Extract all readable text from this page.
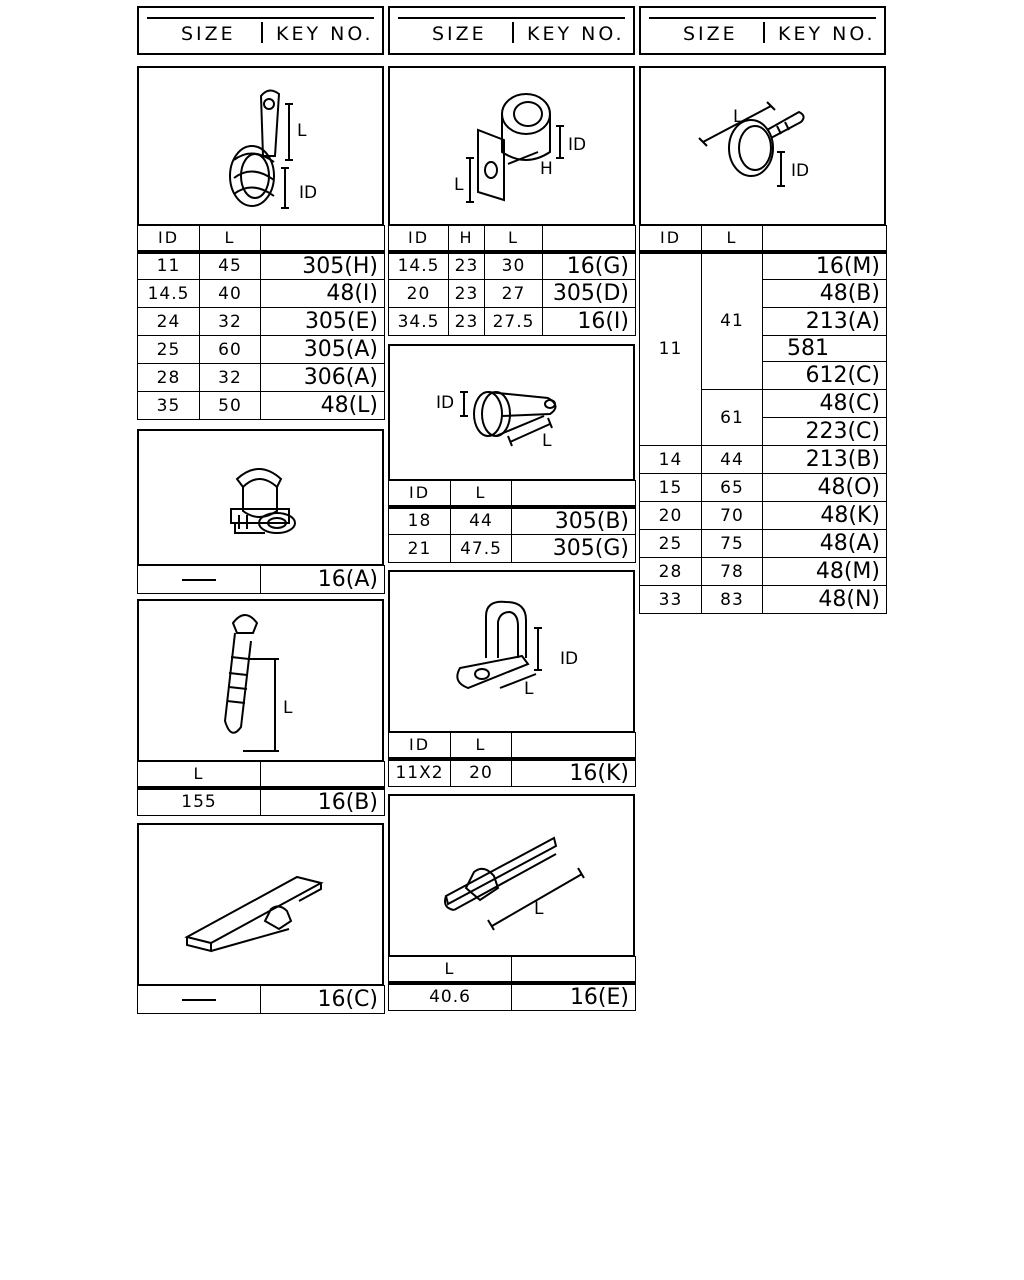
SIZE KEY NO.	SIZE KEY NO.	SIZE KEY NO.
L
ID
ID	L	
11	45	305(H)
14.5	40	48(I)
24	32	305(E)
25	60	305(A)
28	32	306(A)
35	50	48(L)
	16(A)
L
L	
155	16(B)
	16(C)
ID
H
L
ID	H	L	
14.5	23	30	16(G)
20	23	27	305(D)
34.5	23	27.5	16(I)
ID
L
ID	L	
18	44	305(B)
21	47.5	305(G)
ID
L
ID	L	
11X2	20	16(K)
L
L	
40.6	16(E)
L
ID
ID	L	
11	41	16(M)
		48(B)
		213(A)
		581
		612(C)
	61	48(C)
		223(C)
14	44	213(B)
15	65	48(O)
20	70	48(K)
25	75	48(A)
28	78	48(M)
33	83	48(N)
